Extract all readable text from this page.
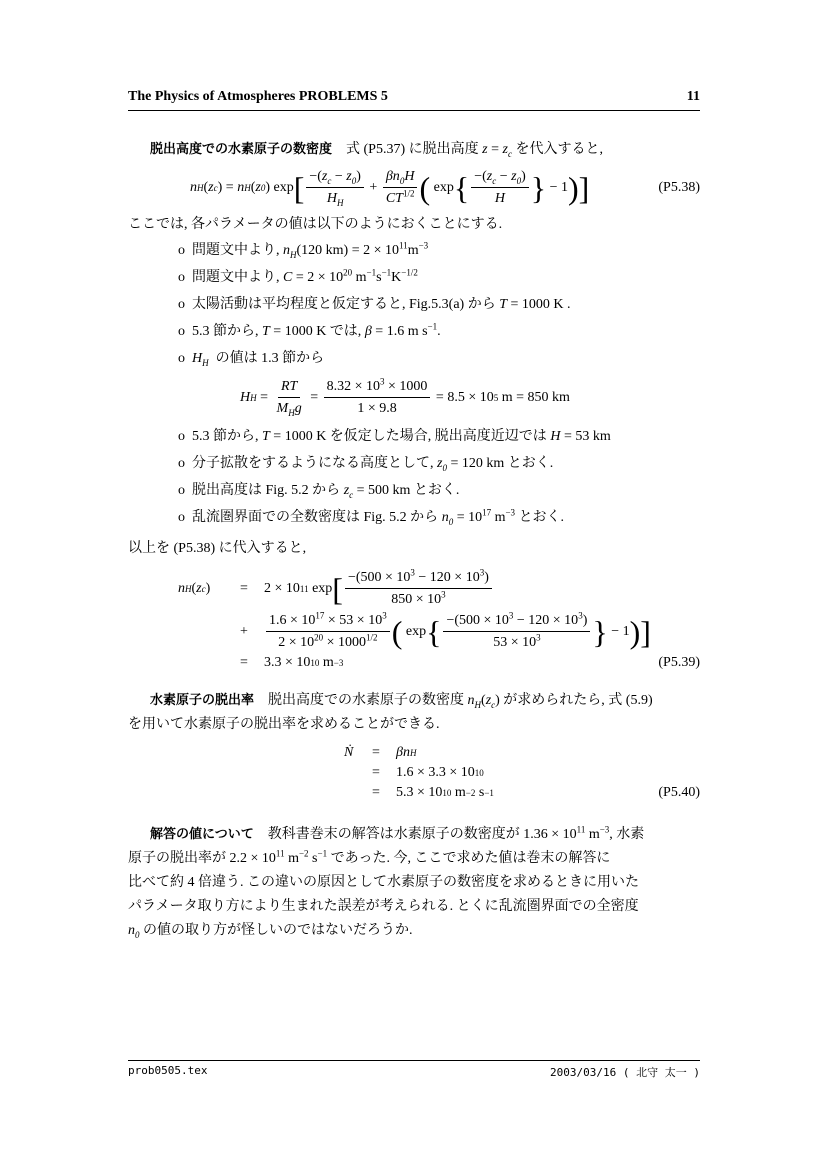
The Physics of Atmospheres PROBLEMS 5	11
脱出高度での水素原子の数密度　式 (P5.37) に脱出高度 $z = z_c$ を代入すると,
n H ( z c ) = n H ( z 0 ) exp [ $\frac{-(z_c - z_0)}{H_H} + \frac{\beta n_0H}{CT^{1/2}}$ ( exp { $\frac{-(z_c - z_0)}{H}$ } − 1 ) ]	(P5.38)
ここでは, 各パラメータの値は以下のようにおくことにする.
o  問題文中より, $n_H(120$ $km) = 2 \times 10^{11}m^{-3}$
o  問題文中より, $C = 2 \times 10^{20}$ $m^{-1}s^{-1}K^{-1/2}$
o  太陽活動は平均程度と仮定すると, Fig.5.3(a) から T = 1000 K .
o  5.3 節から, T = 1000 K では, β = 1.6 m $s^{-1}$.
o  $H_H$  の値は 1.3 節から
H $H = \frac{RT}{M_Hg} = \frac{8.32 \times 10^3 \times 1000}{1 \times 9.8} = 8.5 \times 10$ 5 m = 850 km
o  5.3 節から, T = 1000 K を仮定した場合, 脱出高度近辺では H = 53 km
o  分子拡散をするようになる高度として, $z_0 = 120$ km とおく.
o  脱出高度は Fig. 5.2 から $z_c = 500$ km とおく.
o  乱流圏界面での全数密度は Fig. 5.2 から $n_0 = 10^{17}$ $m^{-3}$ とおく.
以上を (P5.38) に代入すると,
n H ( z c ) =	2 × 10 11 exp [ $\frac{-(500 \times 10^3 - 120 \times 10^3)}{850 \times 10^3}$
+	$\frac{1.6 \times 10^{17} \times 53 \times 10^3}{2 \times 10^{20} \times 1000^{1/2}}$ ( exp { $\frac{-(500 \times 10^3 - 120 \times 10^3)}{53 \times 10^3}$ } − 1 ) ]
=	3.3 × 10 10 m −3	(P5.39)
水素原子の脱出率　脱出高度での水素原子の数密度 $n_H(z_c)$ が求められたら, 式 (5.9)
を用いて水素原子の脱出率を求めることができる.
Ṅ =	βn H
=	1.6 × 3.3 × 10 10
=	5.3 × 10 10 m −2 s −1	(P5.40)
解答の値について　教科書巻末の解答は水素原子の数密度が $1.36 \times 10^{11}$ $m^{-3}$, 水素
原子の脱出率が $2.2 \times 10^{11}$ $m^{-2}$ $s^{-1}$ であった. 今, ここで求めた値は巻末の解答に
比べて約 4 倍違う. この違いの原因として水素原子の数密度を求めるときに用いた
パラメータ取り方により生まれた誤差が考えられる. とくに乱流圏界面での全密度
$n_0$ の値の取り方が怪しいのではないだろうか.
prob0505.tex	2003/03/16 ( 北守 太一 )
